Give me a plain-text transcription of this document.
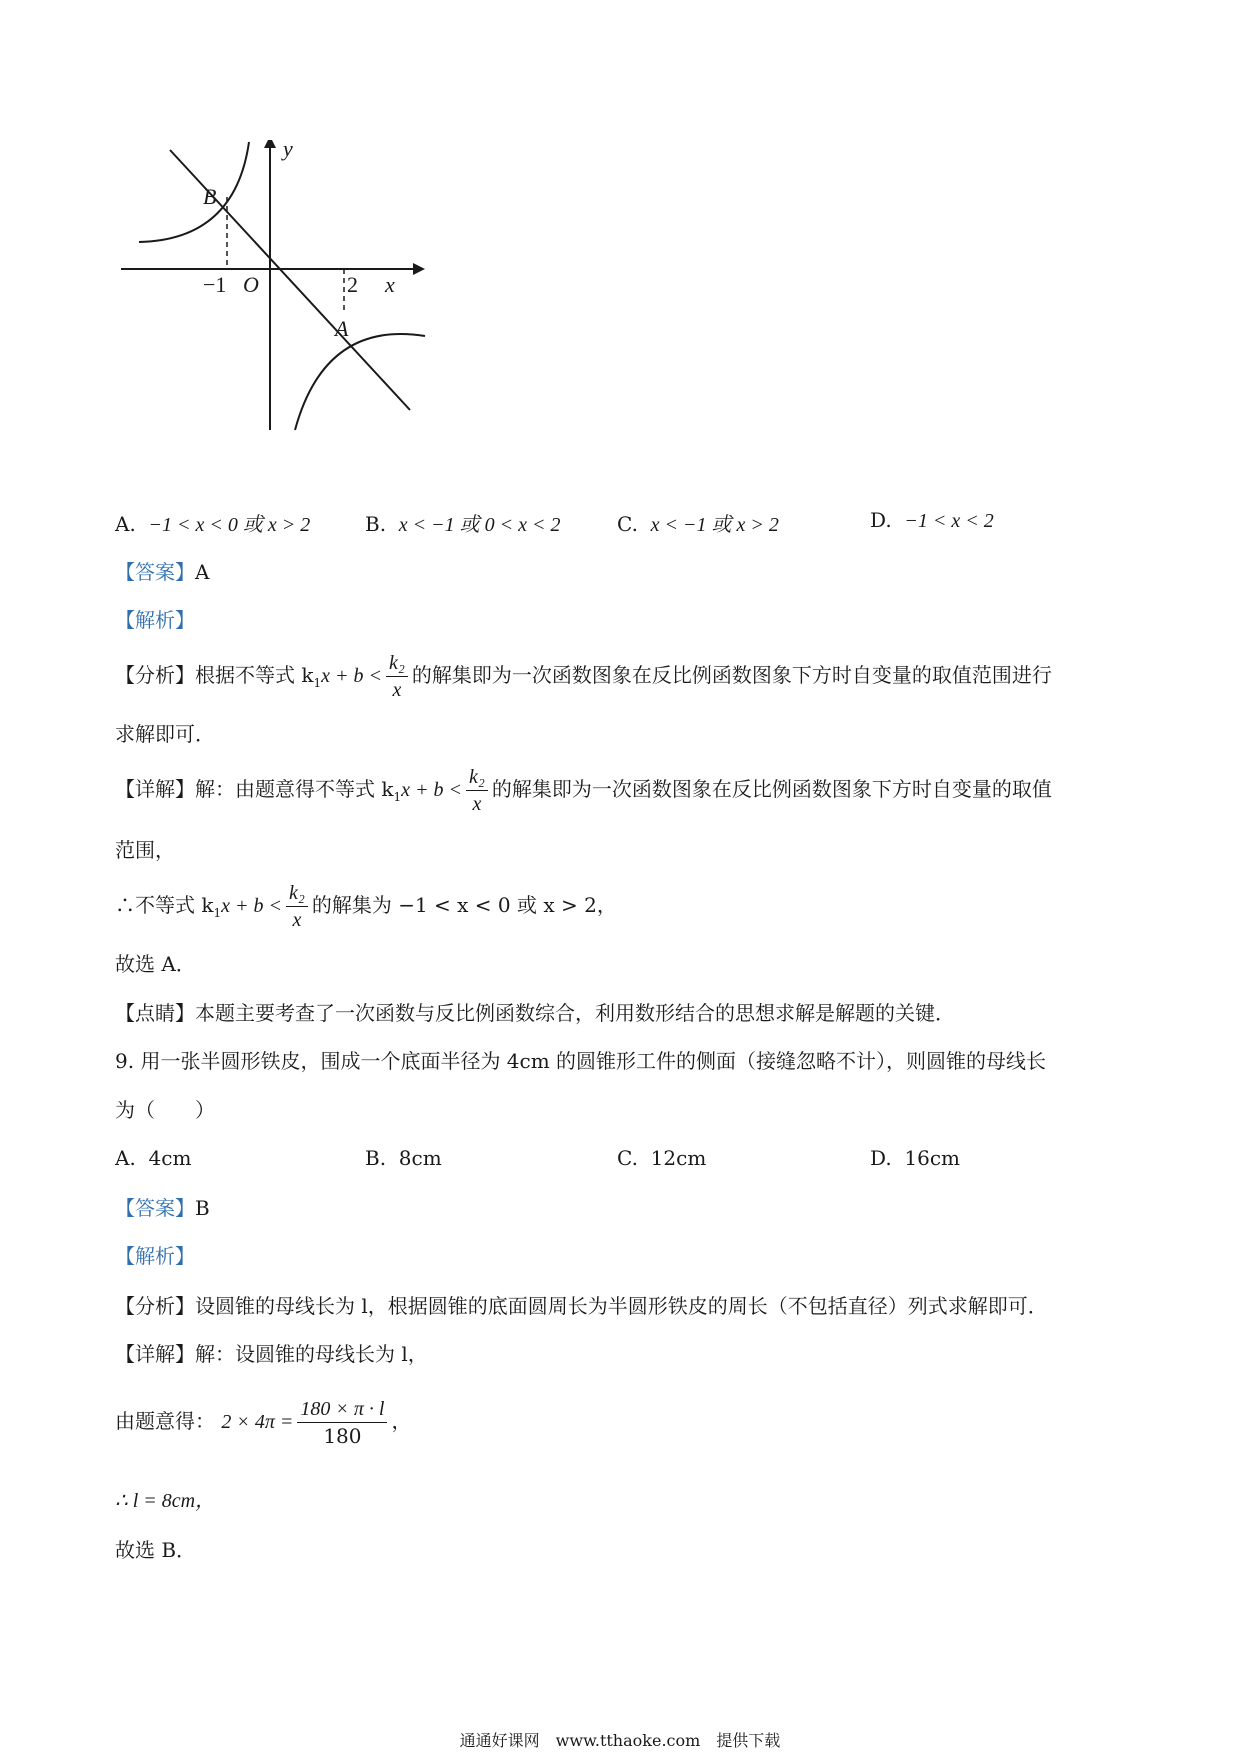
y
x
O
B
A
−1	2
A. −1 < x < 0 或 x > 2	B. x < −1 或 0 < x < 2	C. x < −1 或 x > 2	D. −1 < x < 2
【答案】A
【解析】
【分析】根据不等式 $k_1x + b < \frac{\text{k₂}}{x}$ 的解集即为一次函数图象在反比例函数图象下方时自变量的取值范围进行
求解即可．
【详解】解：由题意得不等式 $k_1x + b < \frac{\text{k₂}}{x}$ 的解集即为一次函数图象在反比例函数图象下方时自变量的取值
范围，
∴不等式 $k_1x + b < \frac{\text{k₂}}{x}$ 的解集为 −1 < x < 0 或 x > 2，
故选 A．
【点睛】本题主要考查了一次函数与反比例函数综合，利用数形结合的思想求解是解题的关键．
9. 用一张半圆形铁皮，围成一个底面半径为 4cm 的圆锥形工件的侧面（接缝忽略不计），则圆锥的母线长
为（　　）
A. 4cm	B. 8cm	C. 12cm	D. 16cm
【答案】B
【解析】
【分析】设圆锥的母线长为 l，根据圆锥的底面圆周长为半圆形铁皮的周长（不包括直径）列式求解即可．
【详解】解：设圆锥的母线长为 l，
由题意得： $2 \times 4\pi = \frac{180 \times \pi \cdot l}{180}$ ，
∴ l = 8cm，
故选 B．
通通好课网　www.tthaoke.com　提供下载
